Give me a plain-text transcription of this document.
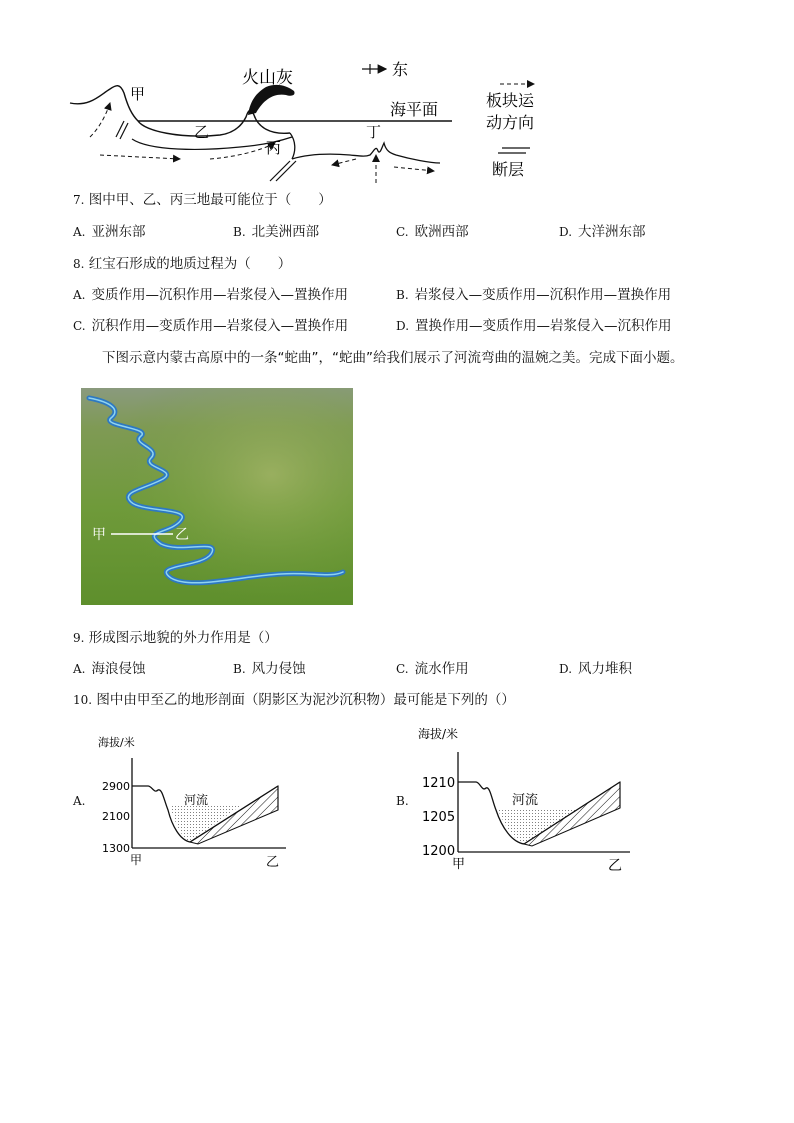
甲
乙
丙
丁
火山灰	东
海平面	板块运
动方向
断层
7. 图中甲、乙、丙三地最可能位于（　　）
A. 亚洲东部	B. 北美洲西部	C. 欧洲西部	D. 大洋洲东部
8. 红宝石形成的地质过程为（　　）
A. 变质作用—沉积作用—岩浆侵入—置换作用	B. 岩浆侵入—变质作用—沉积作用—置换作用
C. 沉积作用—变质作用—岩浆侵入—置换作用	D. 置换作用—变质作用—岩浆侵入—沉积作用
下图示意内蒙古高原中的一条“蛇曲”，“蛇曲”给我们展示了河流弯曲的温婉之美。完成下面小题。
甲	乙
9. 形成图示地貌的外力作用是（）
A. 海浪侵蚀	B. 风力侵蚀	C. 流水作用	D. 风力堆积
10. 图中由甲至乙的地形剖面（阴影区为泥沙沉积物）最可能是下列的（）
A.
海拔/米
2900
2100
1300
河流
甲	乙
B.
海拔/米
1210
1205
1200
河流
甲	乙
